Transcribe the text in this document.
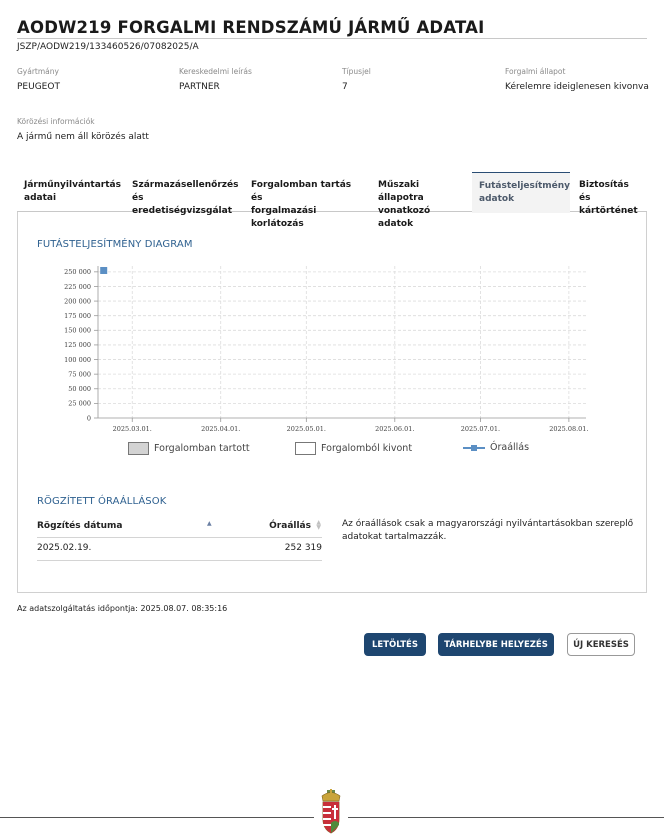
AODW219 FORGALMI RENDSZÁMÚ JÁRMŰ ADATAI
JSZP/AODW219/133460526/07082025/A
Gyártmány
PEUGEOT
Kereskedelmi leírás
PARTNER
Típusjel
7
Forgalmi állapot
Kérelemre ideiglenesen kivonva
Körözési információk
A jármű nem áll körözés alatt
Járműnyilvántartás
adatai
Származásellenőrzés
és eredetiségvizsgálat
Forgalomban tartás és
forgalmazási korlátozás
Műszaki állapotra
vonatkozó adatok
Futásteljesítmény
adatok
Biztosítás és
kártörténet
FUTÁSTELJESÍTMÉNY DIAGRAM
0
25 000
50 000
75 000
100 000
125 000
150 000
175 000
200 000
225 000
250 000
2025.03.01.	2025.04.01.	2025.05.01.	2025.06.01.	2025.07.01.	2025.08.01.
Forgalomban tartott	Forgalomból kivont	Óraállás
RÖGZÍTETT ÓRAÁLLÁSOK
Rögzítés dátuma	▲	Óraállás ▲
▼
2025.02.19.	252 319
Az óraállások csak a magyarországi nyilvántartásokban szereplő adatokat tartalmazzák.
Az adatszolgáltatás időpontja: 2025.08.07. 08:35:16
LETÖLTÉS	TÁRHELYBE HELYEZÉS	ÚJ KERESÉS
